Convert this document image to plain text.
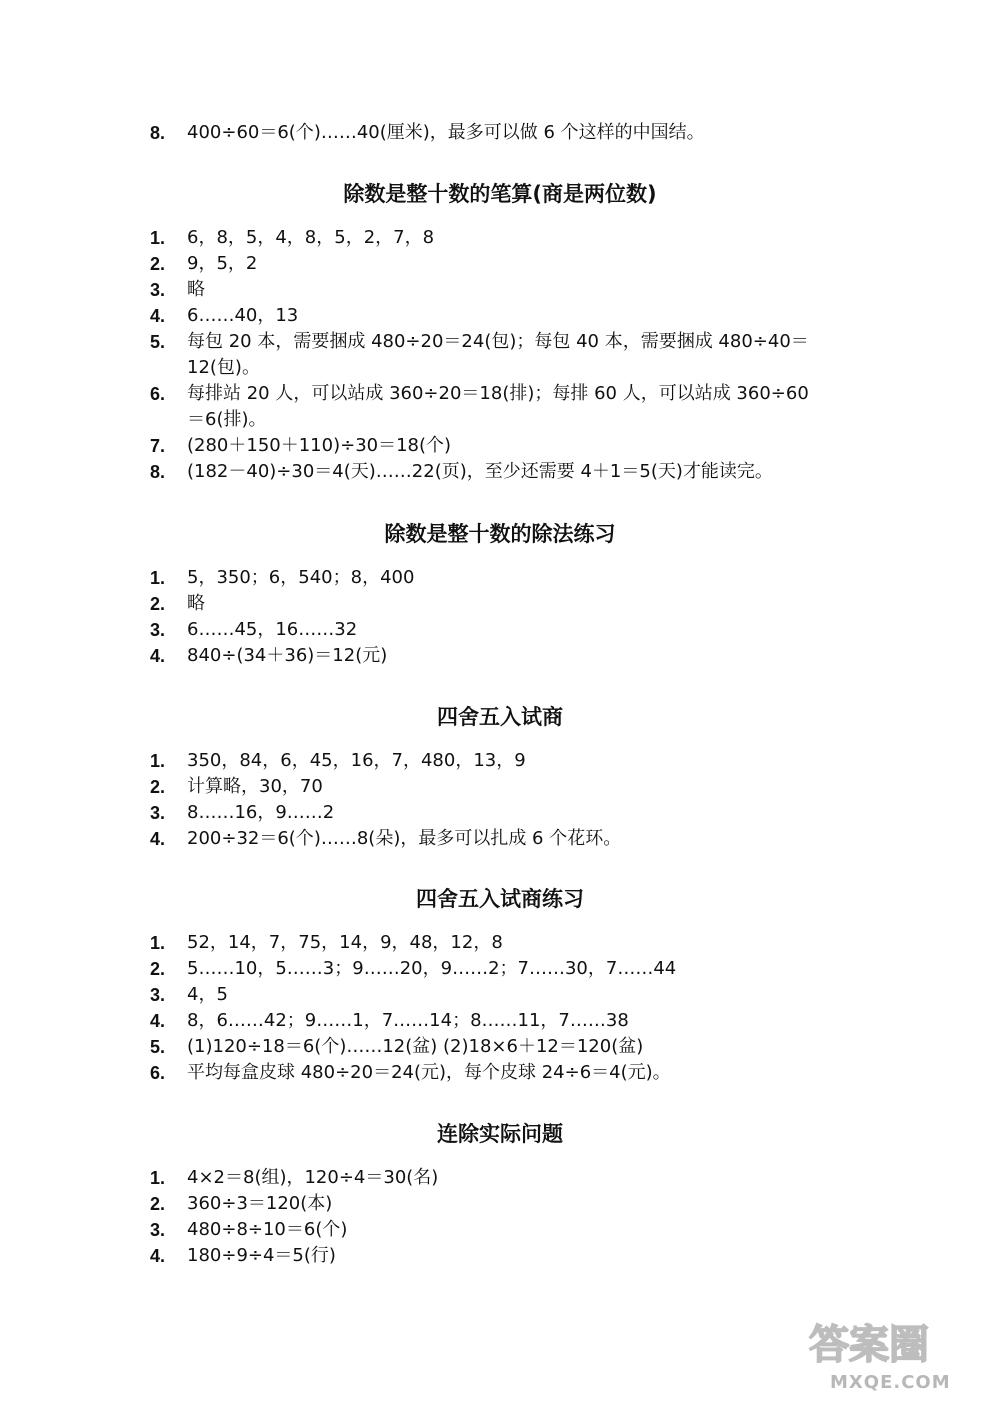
8.	400÷60＝6(个)……40(厘米)，最多可以做 6 个这样的中国结。
除数是整十数的笔算(商是两位数)
1.	6，8，5，4，8，5，2，7，8
2.	9，5，2
3.	略
4.	6……40，13
5.	每包 20 本，需要捆成 480÷20＝24(包)；每包 40 本，需要捆成 480÷40＝
12(包)。
6.	每排站 20 人，可以站成 360÷20＝18(排)；每排 60 人，可以站成 360÷60
＝6(排)。
7.	(280＋150＋110)÷30＝18(个)
8.	(182－40)÷30＝4(天)……22(页)，至少还需要 4＋1＝5(天)才能读完。
除数是整十数的除法练习
1.	5，350；6，540；8，400
2.	略
3.	6……45，16……32
4.	840÷(34＋36)＝12(元)
四舍五入试商
1.	350，84，6，45，16，7，480，13，9
2.	计算略，30，70
3.	8……16，9……2
4.	200÷32＝6(个)……8(朵)，最多可以扎成 6 个花环。
四舍五入试商练习
1.	52，14，7，75，14，9，48，12，8
2.	5……10，5……3；9……20，9……2；7……30，7……44
3.	4，5
4.	8，6……42；9……1，7……14；8……11，7……38
5.	(1)120÷18＝6(个)……12(盆) (2)18×6＋12＝120(盆)
6.	平均每盒皮球 480÷20＝24(元)，每个皮球 24÷6＝4(元)。
连除实际问题
1.	4×2＝8(组)，120÷4＝30(名)
2.	360÷3＝120(本)
3.	480÷8÷10＝6(个)
4.	180÷9÷4＝5(行)
答案圈
MXQE.COM
